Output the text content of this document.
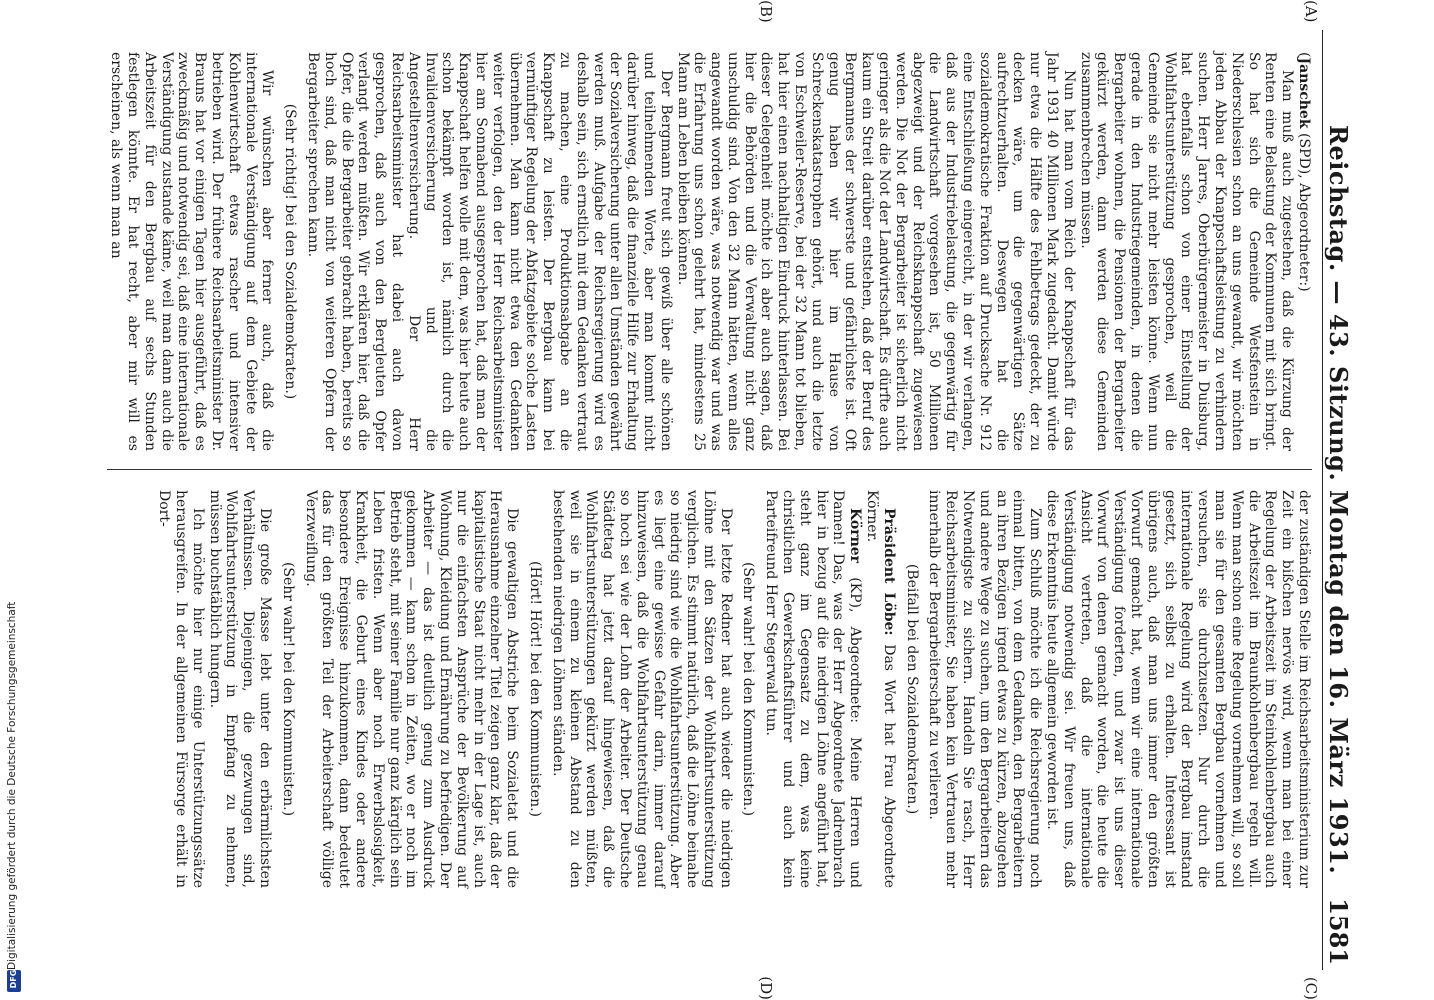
Reichstag. — 43. Sitzung. Montag den 16. März 1931.
1581
(A)
(B)
(C)
(D)

(Janschek (SPD), Abgeordneter:)

Man muß auch zugestehen, daß die Kürzung der Renten eine Belastung der Kommunen mit sich bringt. So hat sich die Gemeinde Wetsfenstein in Niederschlesien schon an uns gewandt, wir möchten jeden Abbau der Knappschaftsleistung zu verhindern suchen. Herr Jarres, Oberbürgermeister in Duisburg, hat ebenfalls schon von einer Einstellung der Wohlfahrtsunterstützung gesprochen, weil die Gemeinde sie nicht mehr leisten könne. Wenn nun gerade in den Industriegemeinden, in denen die Bergarbeiter wohnen, die Pensionen der Bergarbeiter gekürzt werden, dann werden diese Gemeinden zusammenbrechen müssen.

Nun hat man vom Reich der Knappschaft für das Jahr 1931 40 Millionen Mark zugedacht. Damit würde nur etwa die Hälfte des Fehlbetrags gedeckt, der zu decken wäre, um die gegenwärtigen Sätze aufrechtzuerhalten. Deswegen hat die sozialdemokratische Fraktion auf Drucksache Nr. 912 eine Entschließung eingereicht, in der wir verlangen, daß aus der Industriebelastung, die gegenwärtig für die Landwirtschaft vorgesehen ist, 50 Millionen abgezweigt und der Reichsknappschaft zugewiesen werden. Die Not der Bergarbeiter ist sicherlich nicht geringer als die Not der Landwirtschaft. Es dürfte auch kaum ein Streit darüber entstehen, daß der Beruf des Bergmannes der schwerste und gefährlichste ist. Oft genug haben wir hier im Hause von Schreckenskatastrophen gehört, und auch die letzte von Eschweiler-Reserve, bei der 32 Mann tot blieben, hat hier einen nachhaltigen Eindruck hinterlassen. Bei dieser Gelegenheit möchte ich aber auch sagen, daß hier die Behörden und die Verwaltung nicht ganz unschuldig sind. Von den 32 Mann hätten, wenn alles angewandt worden wäre, was notwendig war und was die Erfahrung uns schon gelehrt hat, mindestens 25 Mann am Leben bleiben können.

Der Bergmann freut sich gewiß über alle schönen und teilnehmenden Worte, aber man kommt nicht darüber hinweg, daß die finanzielle Hilfe zur Erhaltung der Sozialversicherung unter allen Umständen gewährt werden muß. Aufgabe der Reichsregierung wird es deshalb sein, sich ernstlich mit dem Gedanken vertraut zu machen, eine Produktionsabgabe an die Knappschaft zu leisten. Der Bergbau kann bei vernünftiger Regelung der Abfatzgebiete solche Lasten übernehmen. Man kann nicht etwa den Gedanken weiter verfolgen, den der Herr Reichsarbeitsminister hier am Sonnabend ausgesprochen hat, daß man der Knappschaft helfen wolle mit dem, was hier heute auch schon bekämpft worden ist, nämlich durch die Invalidenversicherung und die Angestelltenversicherung. Der Herr Reichsarbeitsminister hat dabei auch davon gesprochen, daß auch von den Bergleuten Opfer verlangt werden müßten. Wir erklären hier, daß die Opfer, die die Bergarbeiter gebracht haben, bereits so hoch sind, daß man nicht von weiteren Opfern der Bergarbeiter sprechen kann.

(Sehr richtig! bei den Sozialdemokraten.)

Wir wünschen aber ferner auch, daß die internationale Verständigung auf dem Gebiete der Kohlenwirtschaft etwas rascher und intensiver betrieben wird. Der frühere Reichsarbeitsminister Dr. Brauns hat vor einigen Tagen hier ausgeführt, daß es zweckmäßig und notwendig sei, daß eine internationale Verständigung zustande käme, weil man dann auch die Arbeitszeit für den Bergbau auf sechs Stunden festlegen könnte. Er hat recht, aber mir will es erscheinen, als wenn man an

der zuständigen Stelle im Reichsarbeitsministerium zur Zeit ein bißchen nervös wird, wenn man bei einer Regelung der Arbeitszeit im Steinkohlenbergbau auch die Arbeitszeit im Braunkohlenbergbau regeln will. Wenn man schon eine Regelung vornehmen will, so soll man sie für den gesamten Bergbau vornehmen und versuchen, sie durchzusetzen. Nur durch die internationale Regelung wird der Bergbau imstand gesetzt, sich selbst zu erhalten. Interessant ist übrigens auch, daß man uns immer den größten Vorwurf gemacht hat, wenn wir eine internationale Verständigung forderten, und zwar ist uns dieser Vorwurf von denen gemacht worden, die heute die Ansicht vertreten, daß die internationale Verständigung notwendig sei. Wir freuen uns, daß diese Erkenntnis heute allgemein geworden ist.

Zum Schluß möchte ich die Reichsregierung noch einmal bitten, von dem Gedanken, den Bergarbeitern an ihren Bezügen irgend etwas zu kürzen, abzugehen und andere Wege zu suchen, um den Bergarbeitern das Notwendigste zu sichern. Handeln Sie rasch, Herr Reichsarbeitsminister, Sie haben kein Vertrauen mehr innerhalb der Bergarbeiterschaft zu verlieren.

(Beifall bei den Sozialdemokraten.)

Präsident Löbe: Das Wort hat Frau Abgeordnete Körner.

Körner (KP), Abgeordnete: Meine Herren und Damen! Das, was der Herr Abgeordnete Jadrenbrach hier in bezug auf die niedrigen Löhne angeführt hat, steht ganz im Gegensatz zu dem, was keine christlichen Gewerkschaftsführer und auch kein Parteifreund Herr Stegerwald tun.

(Sehr wahr! bei den Kommunisten.)

Der letzte Redner hat auch wieder die niedrigen Löhne mit den Sätzen der Wohlfahrtsunterstützung verglichen. Es stimmt natürlich, daß die Löhne beinahe so niedrig sind wie die Wohlfahrtsunterstützung. Aber es liegt eine gewisse Gefahr darin, immer darauf hinzuweisen, daß die Wohlfahrtsunterstützung genau so hoch sei wie der Lohn der Arbeiter. Der Deutsche Städtetag hat jetzt darauf hingewiesen, daß die Wohlfahrtsunterstützungen gekürzt werden müßten, weil sie in einem zu kleinen Abstand zu den bestehenden niedrigen Löhnen ständen.

(Hört! Hört! bei den Kommunisten.)

Die gewaltigen Abstriche beim Sozialetat und die Herausnahme einzelner Titel zeigen ganz klar, daß der kapitalistische Staat nicht mehr in der Lage ist, auch nur die einfachsten Ansprüche der Bevölkerung auf Wohnung, Kleidung und Ernährung zu befriedigen. Der Arbeiter — das ist deutlich genug zum Ausdruck gekommen — kann schon in Zeiten, wo er noch im Betrieb steht, mit seiner Familie nur ganz kärglich sein Leben fristen. Wenn aber noch Erwerbslosigkeit, Krankheit, die Geburt eines Kindes oder andere besondere Ereignisse hinzukommen, dann bedeutet das für den größten Teil der Arbeiterschaft völlige Verzweiflung.

(Sehr wahr! bei den Kommunisten.)

Die große Masse lebt unter den erbärmlichsten Verhältnissen. Diejenigen, die gezwungen sind, Wohlfahrtsunterstützung in Empfang zu nehmen, müssen buchstäblich hungern.

Ich möchte hier nur einige Unterstützungssätze herausgreifen. In der allgemeinen Fürsorge erhält in Dort-

Digitalisierung gefördert durch die Deutsche Forschungsgemeinschaft
DFG
